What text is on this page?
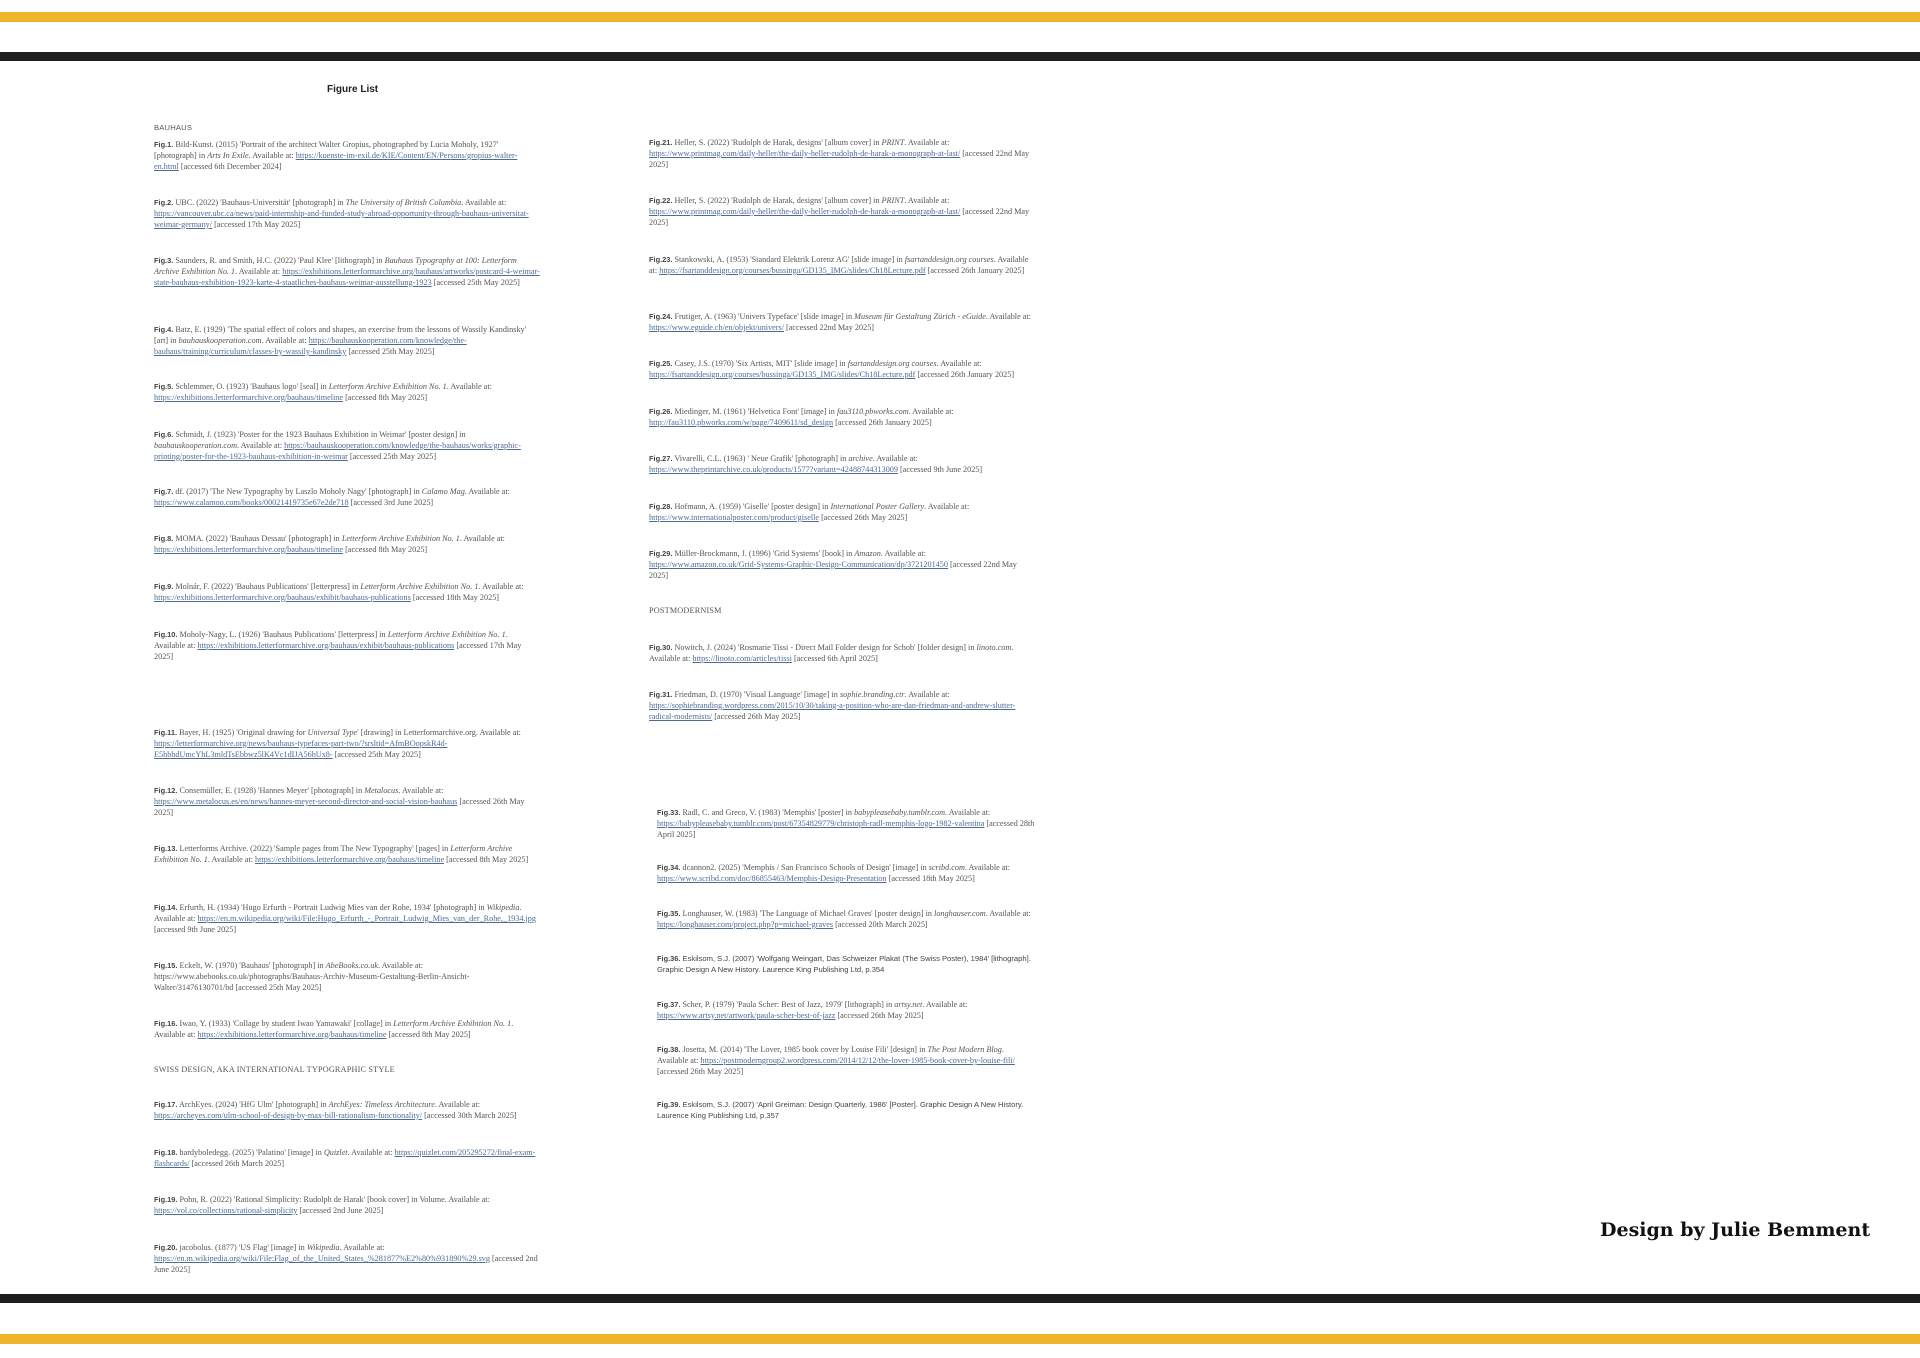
Figure List
BAUHAUS
SWISS DESIGN, AKA INTERNATIONAL TYPOGRAPHIC STYLE
POSTMODERNISM
Fig.1. Bild-Kunst. (2015) 'Portrait of the architect Walter Gropius, photographed by Lucia Moholy, 1927' [photograph] in Arts In Exile. Available at: https://kuenste-im-exil.de/KIE/Content/EN/Persons/gropius-walter-en.html [accessed 6th December 2024]
Fig.2. UBC. (2022) 'Bauhaus-Universität' [photograph] in The University of British Columbia. Available at: https://vancouver.ubc.ca/news/paid-internship-and-funded-study-abroad-opportunity-through-bauhaus-universitat-weimar-germany/ [accessed 17th May 2025]
Fig.3. Saunders, R. and Smith, H.C. (2022) 'Paul Klee' [lithograph] in Bauhaus Typography at 100: Letterform Archive Exhibition No. 1. Available at: https://exhibitions.letterformarchive.org/bauhaus/artworks/postcard-4-weimar-state-bauhaus-exhibition-1923-karte-4-staatliches-bauhaus-weimar-ausstellung-1923 [accessed 25th May 2025]
Fig.4. Batz, E. (1929) 'The spatial effect of colors and shapes, an exercise from the lessons of Wassily Kandinsky' [art] in bauhauskooperation.com. Available at: https://bauhauskooperation.com/knowledge/the-bauhaus/training/curriculum/classes-by-wassily-kandinsky [accessed 25th May 2025]
Fig.5. Schlemmer, O. (1923) 'Bauhaus logo' [seal] in Letterform Archive Exhibition No. 1. Available at: https://exhibitions.letterformarchive.org/bauhaus/timeline [accessed 8th May 2025]
Fig.6. Schmidt, J. (1923) 'Poster for the 1923 Bauhaus Exhibition in Weimar' [poster design] in bauhauskooperation.com. Available at: https://bauhauskooperation.com/knowledge/the-bauhaus/works/graphic-printing/poster-for-the-1923-bauhaus-exhibition-in-weimar [accessed 25th May 2025]
Fig.7. df. (2017) 'The New Typography by Laszlo Moholy Nagy' [photograph] in Calamo Mag. Available at: https://www.calamoo.com/books/00021419735e67e2de718 [accessed 3rd June 2025]
Fig.8. MOMA. (2022) 'Bauhaus Dessau' [photograph] in Letterform Archive Exhibition No. 1. Available at: https://exhibitions.letterformarchive.org/bauhaus/timeline [accessed 8th May 2025]
Fig.9. Molnár, F. (2022) 'Bauhaus Publications' [letterpress] in Letterform Archive Exhibition No. 1. Available at: https://exhibitions.letterformarchive.org/bauhaus/exhibit/bauhaus-publications [accessed 18th May 2025]
Fig.10. Moholy-Nagy, L. (1926) 'Bauhaus Publications' [letterpress] in Letterform Archive Exhibition No. 1. Available at: https://exhibitions.letterformarchive.org/bauhaus/exhibit/bauhaus-publications [accessed 17th May 2025]
Fig.11. Bayer, H. (1925) 'Original drawing for Universal Type' [drawing] in Letterformarchive.org. Available at: https://letterformarchive.org/news/bauhaus-typefaces-part-two/?srsltid=AfmBOopskR4d-E5hbhdUmcYhL3mldTsEbbwz5lK4Vc1dIJA56hUx8- [accessed 25th May 2025]
Fig.12. Consemüller, E. (1928) 'Hannes Meyer' [photograph] in Metalocus. Available at: https://www.metalocus.es/en/news/hannes-meyer-second-director-and-social-vision-bauhaus [accessed 26th May 2025]
Fig.13. Letterforms Archive. (2022) 'Sample pages from The New Typography' [pages] in Letterform Archive Exhibition No. 1. Available at: https://exhibitions.letterformarchive.org/bauhaus/timeline [accessed 8th May 2025]
Fig.14. Erfurth, H. (1934) 'Hugo Erfurth - Portrait Ludwig Mies van der Rohe, 1934' [photograph] in Wikipedia. Available at: https://en.m.wikipedia.org/wiki/File:Hugo_Erfurth_-_Portrait_Ludwig_Mies_van_der_Rohe,_1934.jpg [accessed 9th June 2025]
Fig.15. Eckelt, W. (1970) 'Bauhaus' [photograph] in AbeBooks.co.uk. Available at: https://www.abebooks.co.uk/photographs/Bauhaus-Archiv-Museum-Gestaltung-Berlin-Ansicht-Walter/31476130701/bd [accessed 25th May 2025]
Fig.16. Iwao, Y. (1933) 'Collage by student Iwao Yamawaki' [collage] in Letterform Archive Exhibition No. 1. Available at: https://exhibitions.letterformarchive.org/bauhaus/timeline [accessed 8th May 2025]
Fig.17. ArchEyes. (2024) 'HfG Ulm' [photograph] in ArchEyes: Timeless Architecture. Available at: https://archeyes.com/ulm-school-of-design-by-max-bill-rationalism-functionality/ [accessed 30th March 2025]
Fig.18. hardyboledegg. (2025) 'Palatino' [image] in Quizlet. Available at: https://quizlet.com/205295272/final-exam-flashcards/ [accessed 26th March 2025]
Fig.19. Pohn, R. (2022) 'Rational Simplicity: Rudolph de Harak' [book cover] in Volume. Available at: https://vol.co/collections/rational-simplicity [accessed 2nd June 2025]
Fig.20. jacobolus. (1877) 'US Flag' [image] in Wikipedia. Available at: https://en.m.wikipedia.org/wiki/File:Flag_of_the_United_States_%281877%E2%80%931890%29.svg [accessed 2nd June 2025]
Fig.21. Heller, S. (2022) 'Rudolph de Harak, designs' [album cover] in PRINT. Available at: https://www.printmag.com/daily-heller/the-daily-heller-rudolph-de-harak-a-monograph-at-last/ [accessed 22nd May 2025]
Fig.22. Heller, S. (2022) 'Rudolph de Harak, designs' [album cover] in PRINT. Available at: https://www.printmag.com/daily-heller/the-daily-heller-rudolph-de-harak-a-monograph-at-last/ [accessed 22nd May 2025]
Fig.23. Stankowski, A. (1953) 'Standard Elektrik Lorenz AG' [slide image] in fsartanddesign.org courses. Available at: https://fsartanddesign.org/courses/bussinga/GD135_IMG/slides/Ch18Lecture.pdf [accessed 26th January 2025]
Fig.24. Frutiger, A. (1963) 'Univers Typeface' [slide image] in Museum für Gestaltung Zürich - eGuide. Available at: https://www.eguide.ch/en/objekt/univers/ [accessed 22nd May 2025]
Fig.25. Casey, J.S. (1970) 'Six Artists, MIT' [slide image] in fsartanddesign.org courses. Available at: https://fsartanddesign.org/courses/bussinga/GD135_IMG/slides/Ch18Lecture.pdf [accessed 26th January 2025]
Fig.26. Miedinger, M. (1961) 'Helvetica Font' [image] in fau3110.pbworks.com. Available at: http://fau3110.pbworks.com/w/page/7409611/sd_design [accessed 26th January 2025]
Fig.27. Vivarelli, C.L. (1963) ' Neue Grafik' [photograph] in archive. Available at: https://www.theprintarchive.co.uk/products/1577?variant=42488744313009 [accessed 9th June 2025]
Fig.28. Hofmann, A. (1959) 'Giselle' [poster design] in International Poster Gallery. Available at: https://www.internationalposter.com/product/giselle [accessed 26th May 2025]
Fig.29. Müller-Brockmann, J. (1996) 'Grid Systems' [book] in Amazon. Available at: https://www.amazon.co.uk/Grid-Systems-Graphic-Design-Communication/dp/3721201450 [accessed 22nd May 2025]
Fig.30. Nowitch, J. (2024) 'Rosmarie Tissi - Direct Mail Folder design for Schob' [folder design] in linoto.com. Available at: https://linoto.com/articles/tissi [accessed 6th April 2025]
Fig.31. Friedman, D. (1970) 'Visual Language' [image] in sophie.branding.ctr. Available at: https://sophiebranding.wordpress.com/2015/10/30/taking-a-position-who-are-dan-friedman-and-andrew-slutter-radical-modernists/ [accessed 26th May 2025]
Fig.33. Radl, C. and Greco, V. (1983) 'Memphis' [poster] in babypleasebaby.tumblr.com. Available at: https://babypleasebaby.tumblr.com/post/67354829779/christoph-radl-memphis-logo-1982-valentina [accessed 28th April 2025]
Fig.34. dcannon2. (2025) 'Memphis / San Francisco Schools of Design' [image] in scribd.com. Available at: https://www.scribd.com/doc/86855463/Memphis-Design-Presentation [accessed 18th May 2025]
Fig.35. Longhauser, W. (1983) 'The Language of Michael Graves' [poster design] in longhauser.com. Available at: https://longhauser.com/project.php?p=michael-graves [accessed 20th March 2025]
Fig.36. Eskilsom, S.J. (2007) 'Wolfgang Weingart, Das Schweizer Plakat (The Swiss Poster), 1984' [lithograph]. Graphic Design A New History. Laurence King Publishing Ltd, p.354
Fig.37. Scher, P. (1979) 'Paula Scher: Best of Jazz, 1979' [lithograph] in artsy.net. Available at: https://www.artsy.net/artwork/paula-scher-best-of-jazz [accessed 26th May 2025]
Fig.38. Josetta, M. (2014) 'The Lover, 1985 book cover by Louise Fili' [design] in The Post Modern Blog. Available at: https://postmoderngroup2.wordpress.com/2014/12/12/the-lover-1985-book-cover-by-louise-fili/ [accessed 26th May 2025]
Fig.39. Eskilsom, S.J. (2007) 'April Greiman: Design Quarterly, 1986' [Poster]. Graphic Design A New History. Laurence King Publishing Ltd, p.357
Design by Julie Bemment
